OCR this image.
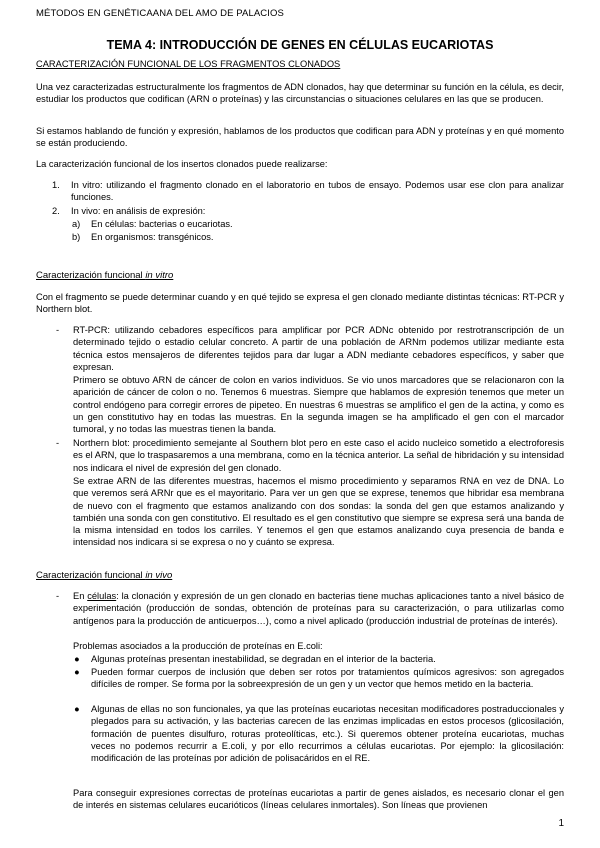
MÉTODOS EN GENÉTICAANA DEL AMO DE PALACIOS
TEMA 4: INTRODUCCIÓN DE GENES EN CÉLULAS EUCARIOTAS
CARACTERIZACIÓN FUNCIONAL DE LOS FRAGMENTOS CLONADOS
Una vez caracterizadas estructuralmente los fragmentos de ADN clonados, hay que determinar su función en la célula, es decir, estudiar los productos que codifican (ARN o proteínas) y las circunstancias o situaciones celulares en las que se producen.
Si estamos hablando de función y expresión, hablamos de los productos que codifican para ADN y proteínas y en qué momento se están produciendo.
La caracterización funcional de los insertos clonados puede realizarse:
1. In vitro: utilizando el fragmento clonado en el laboratorio en tubos de ensayo. Podemos usar ese clon para analizar funciones.
2. In vivo: en análisis de expresión:
a) En células: bacterias o eucariotas.
b) En organismos: transgénicos.
Caracterización funcional in vitro
Con el fragmento se puede determinar cuando y en qué tejido se expresa el gen clonado mediante distintas técnicas: RT-PCR y Northern blot.
- RT-PCR: utilizando cebadores específicos para amplificar por PCR ADNc obtenido por restrotranscripción de un determinado tejido o estadio celular concreto. A partir de una población de ARNm podemos utilizar mediante esta técnica estos mensajeros de diferentes tejidos para dar lugar a ADN mediante cebadores específicos, y saber que expresan.
Primero se obtuvo ARN de cáncer de colon en varios individuos. Se vio unos marcadores que se relacionaron con la aparición de cáncer de colon o no. Tenemos 6 muestras. Siempre que hablamos de expresión tenemos que meter un control endógeno para corregir errores de pipeteo. En nuestras 6 muestras se amplifico el gen de la actina, y como es un gen constitutivo hay en todas las muestras. En la segunda imagen se ha amplificado el gen con el marcador tumoral, y no todas las muestras tienen la banda.
- Northern blot: procedimiento semejante al Southern blot pero en este caso el acido nucleico sometido a electroforesis es el ARN, que lo traspasaremos a una membrana, como en la técnica anterior. La señal de hibridación y su intensidad nos indicara el nivel de expresión del gen clonado.
Se extrae ARN de las diferentes muestras, hacemos el mismo procedimiento y separamos RNA en vez de DNA. Lo que veremos será ARNr que es el mayoritario. Para ver un gen que se exprese, tenemos que hibridar esa membrana de nuevo con el fragmento que estamos analizando con dos sondas: la sonda del gen que estamos analizando y también una sonda con gen constitutivo. El resultado es el gen constitutivo que siempre se expresa será una banda de la misma intensidad en todos los carriles. Y tenemos el gen que estamos analizando cuya presencia de banda e intensidad nos indicara si se expresa o no y cuánto se expresa.
Caracterización funcional in vivo
- En células: la clonación y expresión de un gen clonado en bacterias tiene muchas aplicaciones tanto a nivel básico de experimentación (producción de sondas, obtención de proteínas para su caracterización, o para utilizarlas como antígenos para la producción de anticuerpos…), como a nivel aplicado (producción industrial de proteínas de interés).
Problemas asociados a la producción de proteínas en E.coli:
● Algunas proteínas presentan inestabilidad, se degradan en el interior de la bacteria.
● Pueden formar cuerpos de inclusión que deben ser rotos por tratamientos químicos agresivos: son agregados difíciles de romper. Se forma por la sobreexpresión de un gen y un vector que hemos metido en la bacteria.
● Algunas de ellas no son funcionales, ya que las proteínas eucariotas necesitan modificadores postraduccionales y plegados para su activación, y las bacterias carecen de las enzimas implicadas en estos procesos (glicosilación, formación de puentes disulfuro, roturas proteolíticas, etc.). Si queremos obtener proteína eucariotas, muchas veces no podemos recurrir a E.coli, y por ello recurrimos a células eucariotas. Por ejemplo: la glicosilación: modificación de las proteínas por adición de polisacáridos en el RE.
Para conseguir expresiones correctas de proteínas eucariotas a partir de genes aislados, es necesario clonar el gen de interés en sistemas celulares eucarióticos (líneas celulares inmortales). Son líneas que provienen
1
